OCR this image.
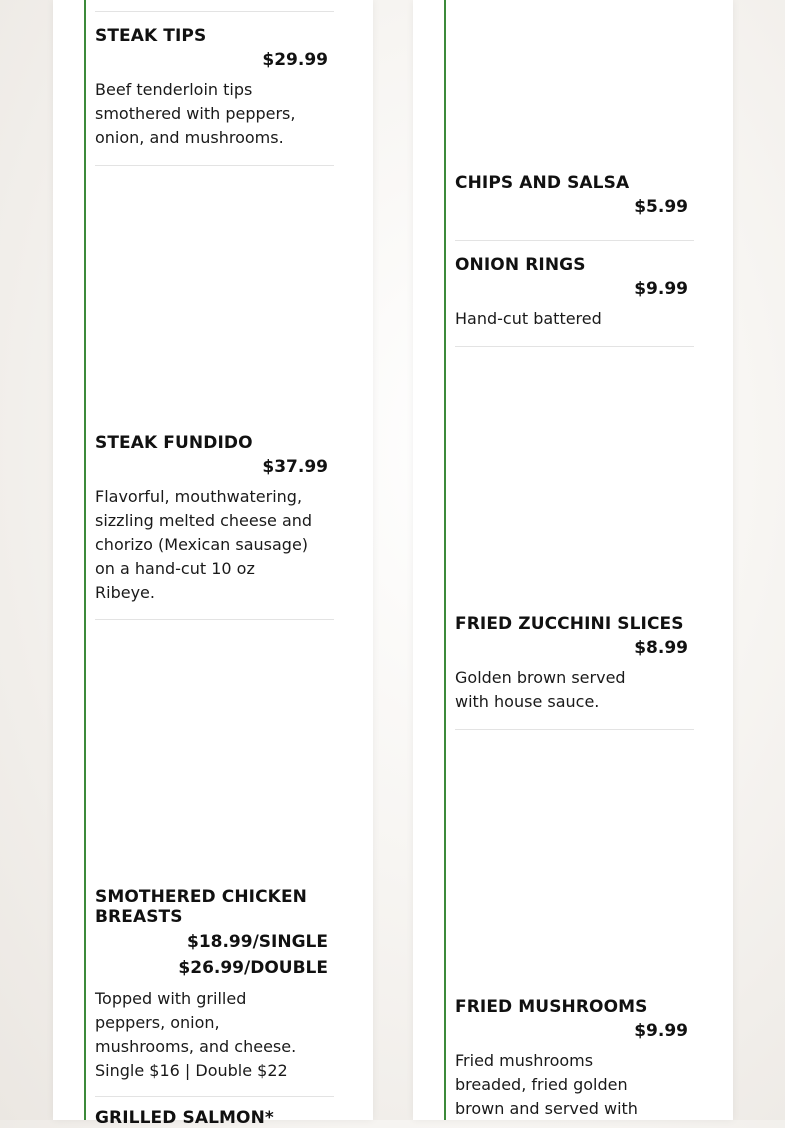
STEAK TIPS
$29.99
Beef tenderloin tips smothered with peppers, onion, and mushrooms.
STEAK FUNDIDO
$37.99
Flavorful, mouthwatering, sizzling melted cheese and chorizo (Mexican sausage) on a hand-cut 10 oz Ribeye.
SMOTHERED CHICKEN BREASTS
$18.99/SINGLE
$26.99/DOUBLE
Topped with grilled peppers, onion, mushrooms, and cheese. Single $16 | Double $22
GRILLED SALMON*
CHIPS AND SALSA
$5.99
ONION RINGS
$9.99
Hand-cut battered
FRIED ZUCCHINI SLICES
$8.99
Golden brown served with house sauce.
FRIED MUSHROOMS
$9.99
Fried mushrooms breaded, fried golden brown and served with
